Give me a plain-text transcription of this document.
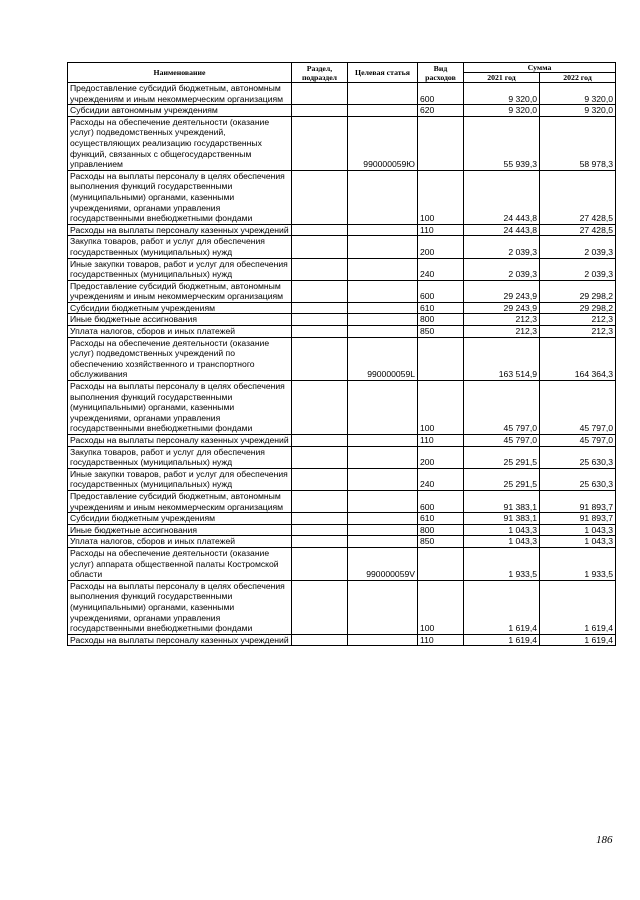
Наименование	Раздел, подраздел	Целевая статья	Вид расходов	Сумма	
				2021 год	2022 год
Предоставление субсидий бюджетным, автономным учреждениям и иным некоммерческим организациям			600	9 320,0	9 320,0
Субсидии автономным учреждениям			620	9 320,0	9 320,0
Расходы на обеспечение деятельности (оказание услуг) подведомственных учреждений, осуществляющих реализацию государственных функций, связанных с общегосударственным управлением		990000059Ю		55 939,3	58 978,3
Расходы на выплаты персоналу в целях обеспечения выполнения функций государственными (муниципальными) органами, казенными учреждениями, органами управления государственными внебюджетными фондами			100	24 443,8	27 428,5
Расходы на выплаты персоналу казенных учреждений			110	24 443,8	27 428,5
Закупка товаров, работ и услуг для обеспечения государственных (муниципальных) нужд			200	2 039,3	2 039,3
Иные закупки товаров, работ и услуг для обеспечения государственных (муниципальных) нужд			240	2 039,3	2 039,3
Предоставление субсидий бюджетным, автономным учреждениям и иным некоммерческим организациям			600	29 243,9	29 298,2
Субсидии бюджетным учреждениям			610	29 243,9	29 298,2
Иные бюджетные ассигнования			800	212,3	212,3
Уплата налогов, сборов и иных платежей			850	212,3	212,3
Расходы на обеспечение деятельности (оказание услуг) подведомственных учреждений по обеспечению хозяйственного и транспортного обслуживания		990000059L		163 514,9	164 364,3
Расходы на выплаты персоналу в целях обеспечения выполнения функций государственными (муниципальными) органами, казенными учреждениями, органами управления государственными внебюджетными фондами			100	45 797,0	45 797,0
Расходы на выплаты персоналу казенных учреждений			110	45 797,0	45 797,0
Закупка товаров, работ и услуг для обеспечения государственных (муниципальных) нужд			200	25 291,5	25 630,3
Иные закупки товаров, работ и услуг для обеспечения государственных (муниципальных) нужд			240	25 291,5	25 630,3
Предоставление субсидий бюджетным, автономным учреждениям и иным некоммерческим организациям			600	91 383,1	91 893,7
Субсидии бюджетным учреждениям			610	91 383,1	91 893,7
Иные бюджетные ассигнования			800	1 043,3	1 043,3
Уплата налогов, сборов и иных платежей			850	1 043,3	1 043,3
Расходы на обеспечение деятельности (оказание услуг) аппарата общественной палаты Костромской области		990000059V		1 933,5	1 933,5
Расходы на выплаты персоналу в целях обеспечения выполнения функций государственными (муниципальными) органами, казенными учреждениями, органами управления государственными внебюджетными фондами			100	1 619,4	1 619,4
Расходы на выплаты персоналу казенных учреждений			110	1 619,4	1 619,4
186
